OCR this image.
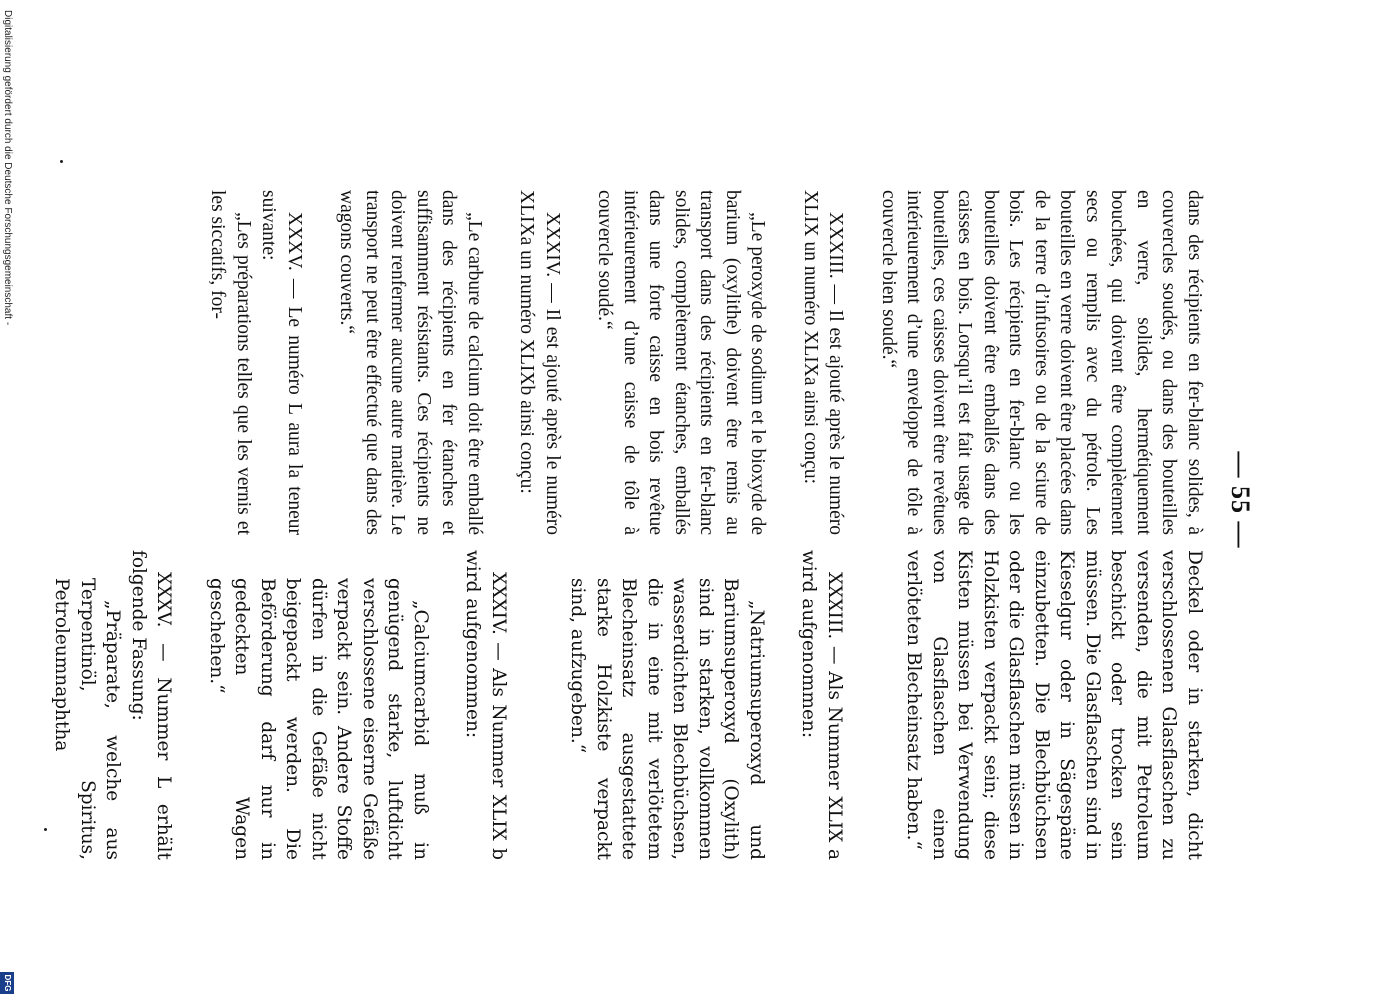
— 55 —

dans des récipients en fer-blanc solides, à couvercles soudés, ou dans des bouteilles en verre, solides, hermétiquement bouchées, qui doivent être complètement secs ou remplis avec du pétrole. Les bouteilles en verre doivent être placées dans de la terre d’infusoires ou de la sciure de bois. Les récipients en fer-blanc ou les bouteilles doivent être emballés dans des caisses en bois. Lorsqu’il est fait usage de bouteilles, ces caisses doivent être revêtues intérieurement d’une enveloppe de tôle à couvercle bien soudé.“

XXXIII. — Il est ajouté après le numéro XLIX un numéro XLIXa ainsi conçu:

„Le peroxyde de sodium et le bioxyde de barium (oxylithe) doivent être remis au transport dans des récipients en fer-blanc solides, complètement étanches, emballés dans une forte caisse en bois revêtue intérieurement d’une caisse de tôle à couvercle soudé.“

XXXIV. — Il est ajouté après le numéro XLIXa un numéro XLIXb ainsi conçu:

„Le carbure de calcium doit être emballé dans des récipients en fer étanches et suffisamment résistants. Ces récipients ne doivent renfermer aucune autre matière. Le transport ne peut être effectué que dans des wagons couverts.“

XXXV. — Le numéro L aura la teneur suivante:

„Les préparations telles que les vernis et les siccatifs, for-

Deckel oder in starken, dicht verschlossenen Glasflaschen zu versenden, die mit Petroleum beschickt oder trocken sein müssen. Die Glasflaschen sind in Kieselgur oder in Sägespäne einzubetten. Die Blechbüchsen oder die Glasflaschen müssen in Holzkisten verpackt sein; diese Kisten müssen bei Verwendung von Glasflaschen einen verlöteten Blecheinsatz haben.“

XXXIII. — Als Nummer XLIX a wird aufgenommen:

„Natriumsuperoxyd und Bariumsuperoxyd (Oxylith) sind in starken, vollkommen wasserdichten Blechbüchsen, die in eine mit verlötetem Blecheinsatz ausgestattete starke Holzkiste verpackt sind, aufzugeben.“

XXXIV. — Als Nummer XLIX b wird aufgenommen:

„Calciumcarbid muß in genügend starke, luftdicht verschlossene eiserne Gefäße verpackt sein. Andere Stoffe dürfen in die Gefäße nicht beigepackt werden. Die Beförderung darf nur in gedeckten Wagen geschehen.“

XXXV. — Nummer L erhält folgende Fassung:

„Präparate, welche aus Terpentinöl, Spiritus, Petroleumnaphtha

Digitalisierung gefördert durch die Deutsche Forschungsgemeinschaft -
DFG
